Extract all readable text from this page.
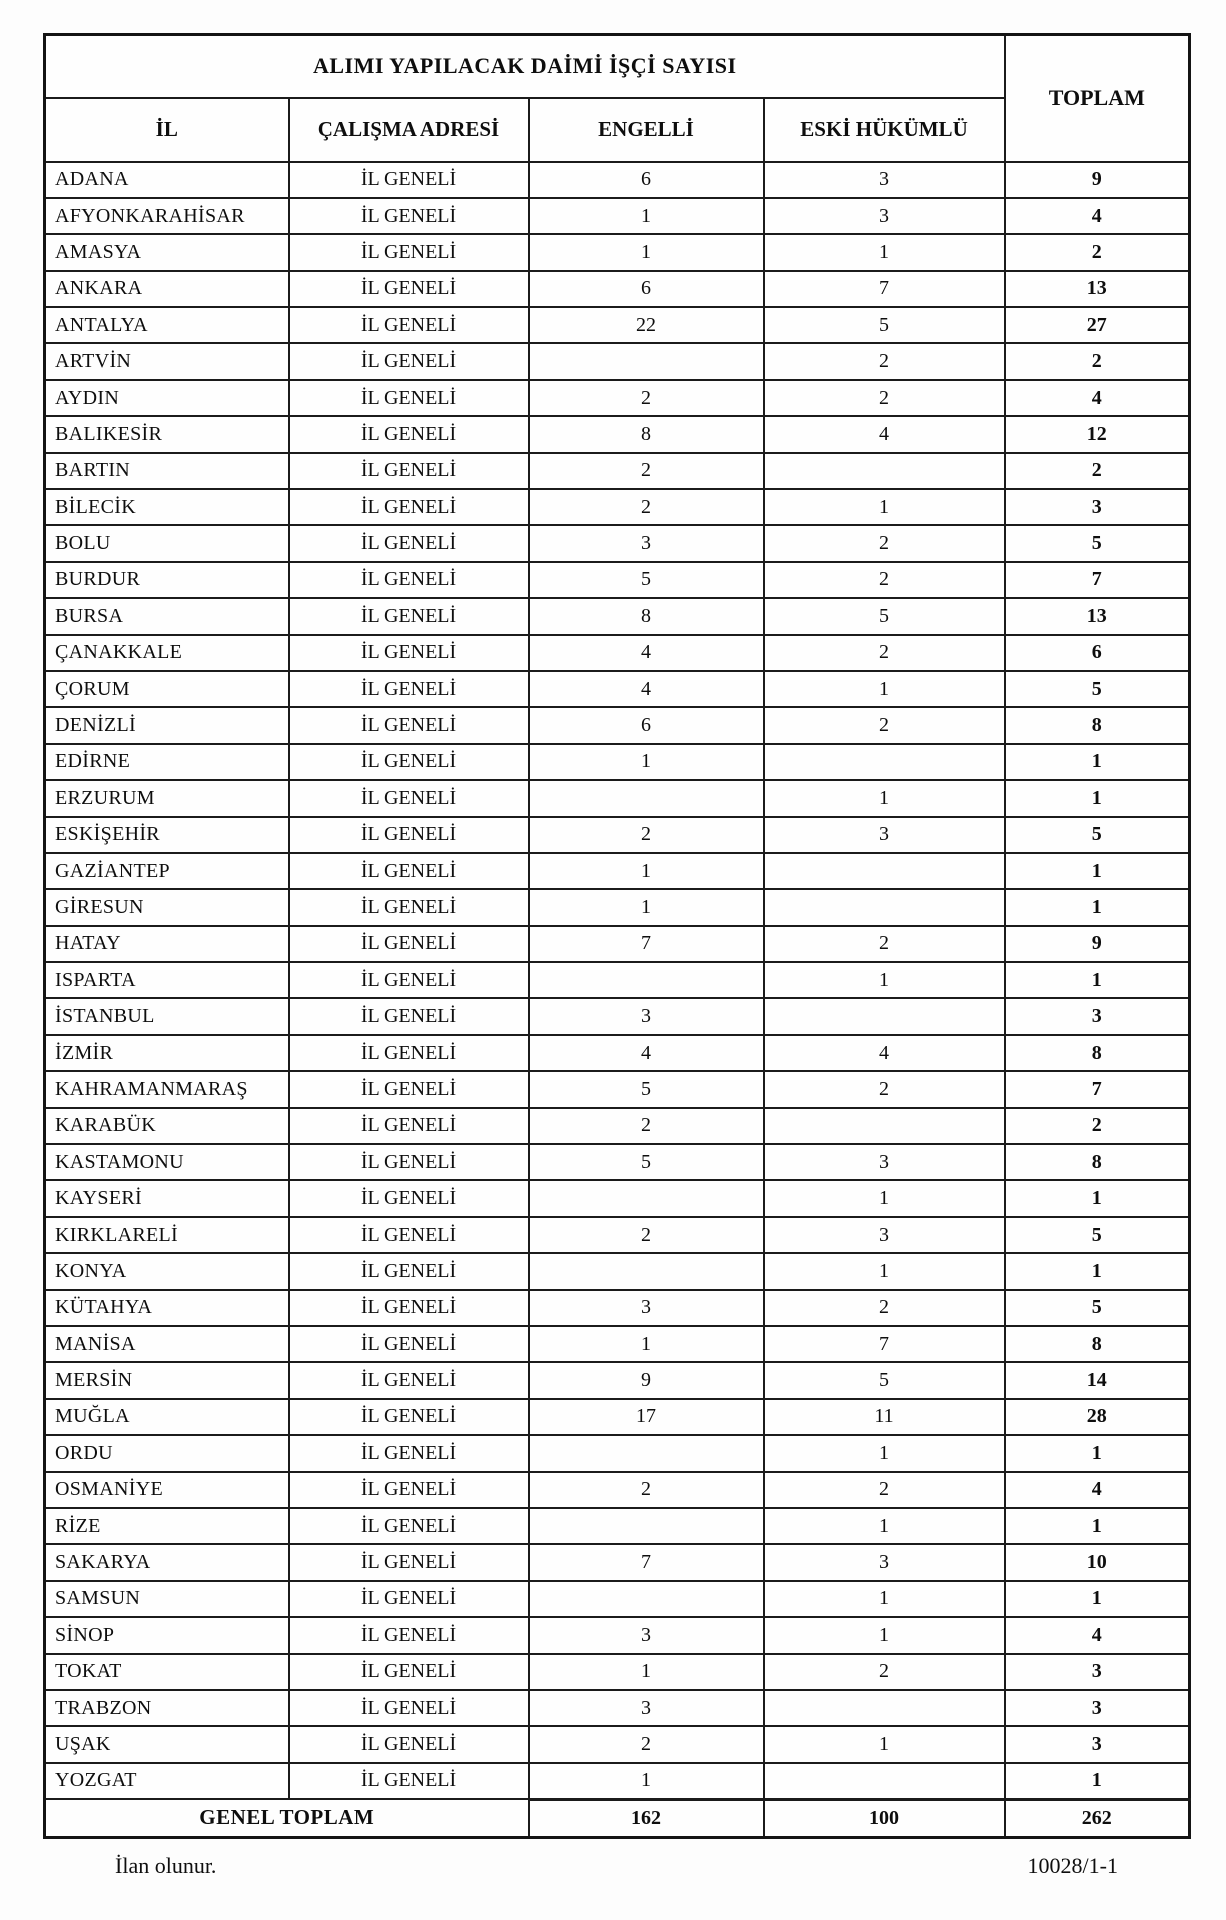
ALIMI YAPILACAK DAİMİ İŞÇİ SAYISI				TOPLAM
İL	ÇALIŞMA ADRESİ	ENGELLİ	ESKİ HÜKÜMLÜ	
ADANA	İL GENELİ	6	3	9
AFYONKARAHİSAR	İL GENELİ	1	3	4
AMASYA	İL GENELİ	1	1	2
ANKARA	İL GENELİ	6	7	13
ANTALYA	İL GENELİ	22	5	27
ARTVİN	İL GENELİ		2	2
AYDIN	İL GENELİ	2	2	4
BALIKESİR	İL GENELİ	8	4	12
BARTIN	İL GENELİ	2		2
BİLECİK	İL GENELİ	2	1	3
BOLU	İL GENELİ	3	2	5
BURDUR	İL GENELİ	5	2	7
BURSA	İL GENELİ	8	5	13
ÇANAKKALE	İL GENELİ	4	2	6
ÇORUM	İL GENELİ	4	1	5
DENİZLİ	İL GENELİ	6	2	8
EDİRNE	İL GENELİ	1		1
ERZURUM	İL GENELİ		1	1
ESKİŞEHİR	İL GENELİ	2	3	5
GAZİANTEP	İL GENELİ	1		1
GİRESUN	İL GENELİ	1		1
HATAY	İL GENELİ	7	2	9
ISPARTA	İL GENELİ		1	1
İSTANBUL	İL GENELİ	3		3
İZMİR	İL GENELİ	4	4	8
KAHRAMANMARAŞ	İL GENELİ	5	2	7
KARABÜK	İL GENELİ	2		2
KASTAMONU	İL GENELİ	5	3	8
KAYSERİ	İL GENELİ		1	1
KIRKLARELİ	İL GENELİ	2	3	5
KONYA	İL GENELİ		1	1
KÜTAHYA	İL GENELİ	3	2	5
MANİSA	İL GENELİ	1	7	8
MERSİN	İL GENELİ	9	5	14
MUĞLA	İL GENELİ	17	11	28
ORDU	İL GENELİ		1	1
OSMANİYE	İL GENELİ	2	2	4
RİZE	İL GENELİ		1	1
SAKARYA	İL GENELİ	7	3	10
SAMSUN	İL GENELİ		1	1
SİNOP	İL GENELİ	3	1	4
TOKAT	İL GENELİ	1	2	3
TRABZON	İL GENELİ	3		3
UŞAK	İL GENELİ	2	1	3
YOZGAT	İL GENELİ	1		1
GENEL TOPLAM		162	100	262
İlan olunur.	10028/1-1
